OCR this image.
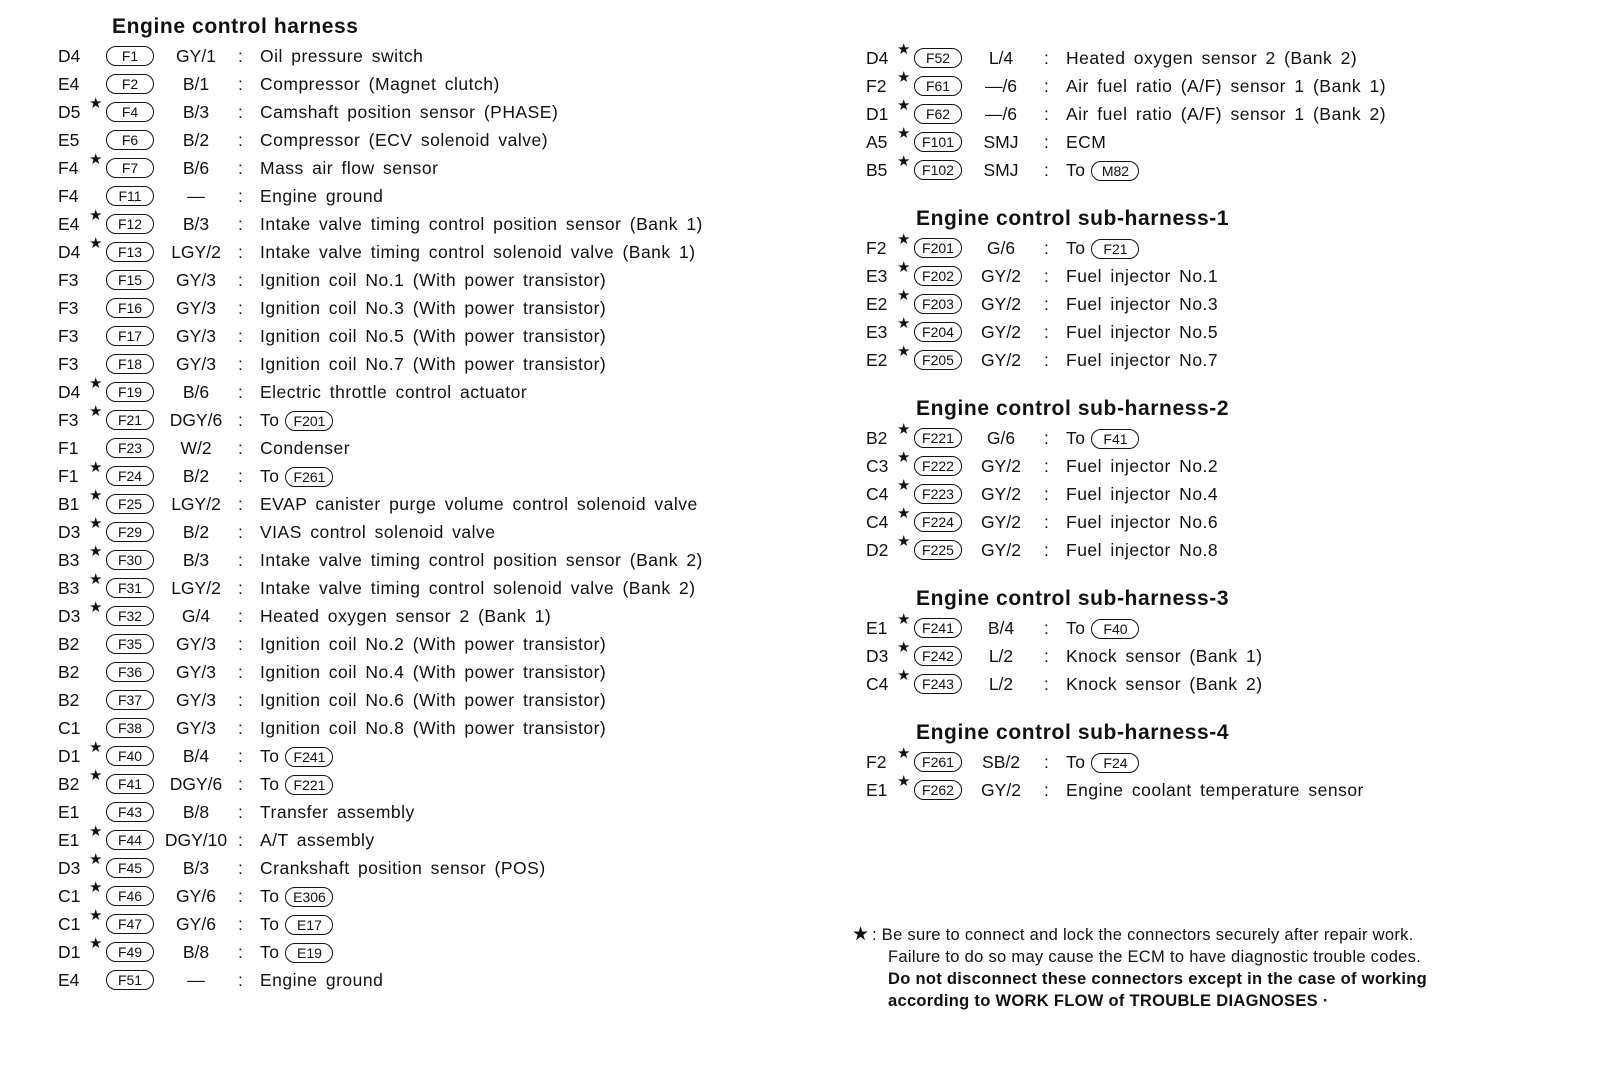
Engine control harness
D4	F1	GY/1	: Oil pressure switch
E4	F2	B/1	: Compressor (Magnet clutch)
D5 ★	F4	B/3	: Camshaft position sensor (PHASE)
E5	F6	B/2	: Compressor (ECV solenoid valve)
F4 ★	F7	B/6	: Mass air flow sensor
F4	F11	—	: Engine ground
E4 ★	F12	B/3	: Intake valve timing control position sensor (Bank 1)
D4 ★	F13	LGY/2 : Intake valve timing control solenoid valve (Bank 1)
F3	F15	GY/3	: Ignition coil No.1 (With power transistor)
F3	F16	GY/3	: Ignition coil No.3 (With power transistor)
F3	F17	GY/3	: Ignition coil No.5 (With power transistor)
F3	F18	GY/3	: Ignition coil No.7 (With power transistor)
D4 ★	F19	B/6	: Electric throttle control actuator
F3 ★	F21	DGY/6 : To F201
F1	F23	W/2	: Condenser
F1 ★	F24	B/2	: To F261
B1 ★	F25	LGY/2 : EVAP canister purge volume control solenoid valve
D3 ★	F29	B/2	: VIAS control solenoid valve
B3 ★	F30	B/3	: Intake valve timing control position sensor (Bank 2)
B3 ★	F31	LGY/2 : Intake valve timing control solenoid valve (Bank 2)
D3 ★	F32	G/4	: Heated oxygen sensor 2 (Bank 1)
B2	F35	GY/3	: Ignition coil No.2 (With power transistor)
B2	F36	GY/3	: Ignition coil No.4 (With power transistor)
B2	F37	GY/3	: Ignition coil No.6 (With power transistor)
C1	F38	GY/3	: Ignition coil No.8 (With power transistor)
D1 ★	F40	B/4	: To F241
B2 ★	F41	DGY/6 : To F221
E1	F43	B/8	: Transfer assembly
E1 ★	F44	DGY/10 : A/T assembly
D3 ★	F45	B/3	: Crankshaft position sensor (POS)
C1 ★	F46	GY/6	: To E306
C1 ★	F47	GY/6	: To E17
D1 ★	F49	B/8	: To E19
E4	F51	—	: Engine ground
D4 ★	F52	L/4	: Heated oxygen sensor 2 (Bank 2)
F2 ★	F61	—/6	: Air fuel ratio (A/F) sensor 1 (Bank 1)
D1 ★	F62	—/6	: Air fuel ratio (A/F) sensor 1 (Bank 2)
A5 ★ F101	SMJ	: ECM
B5 ★ F102	SMJ	: To M82
Engine control sub-harness-1
F2 ★ F201	G/6	: To F21
E3 ★ F202	GY/2	: Fuel injector No.1
E2 ★ F203	GY/2	: Fuel injector No.3
E3 ★ F204	GY/2	: Fuel injector No.5
E2 ★ F205	GY/2	: Fuel injector No.7
Engine control sub-harness-2
B2 ★ F221	G/6	: To F41
C3 ★ F222	GY/2	: Fuel injector No.2
C4 ★ F223	GY/2	: Fuel injector No.4
C4 ★ F224	GY/2	: Fuel injector No.6
D2 ★ F225	GY/2	: Fuel injector No.8
Engine control sub-harness-3
E1 ★ F241	B/4	: To F40
D3 ★ F242	L/2	: Knock sensor (Bank 1)
C4 ★ F243	L/2	: Knock sensor (Bank 2)
Engine control sub-harness-4
F2 ★ F261	SB/2	: To F24
E1 ★ F262	GY/2	: Engine coolant temperature sensor
★ : Be sure to connect and lock the connectors securely after repair work.
Failure to do so may cause the ECM to have diagnostic trouble codes.
Do not disconnect these connectors except in the case of working
according to WORK FLOW of TROUBLE DIAGNOSES ·
